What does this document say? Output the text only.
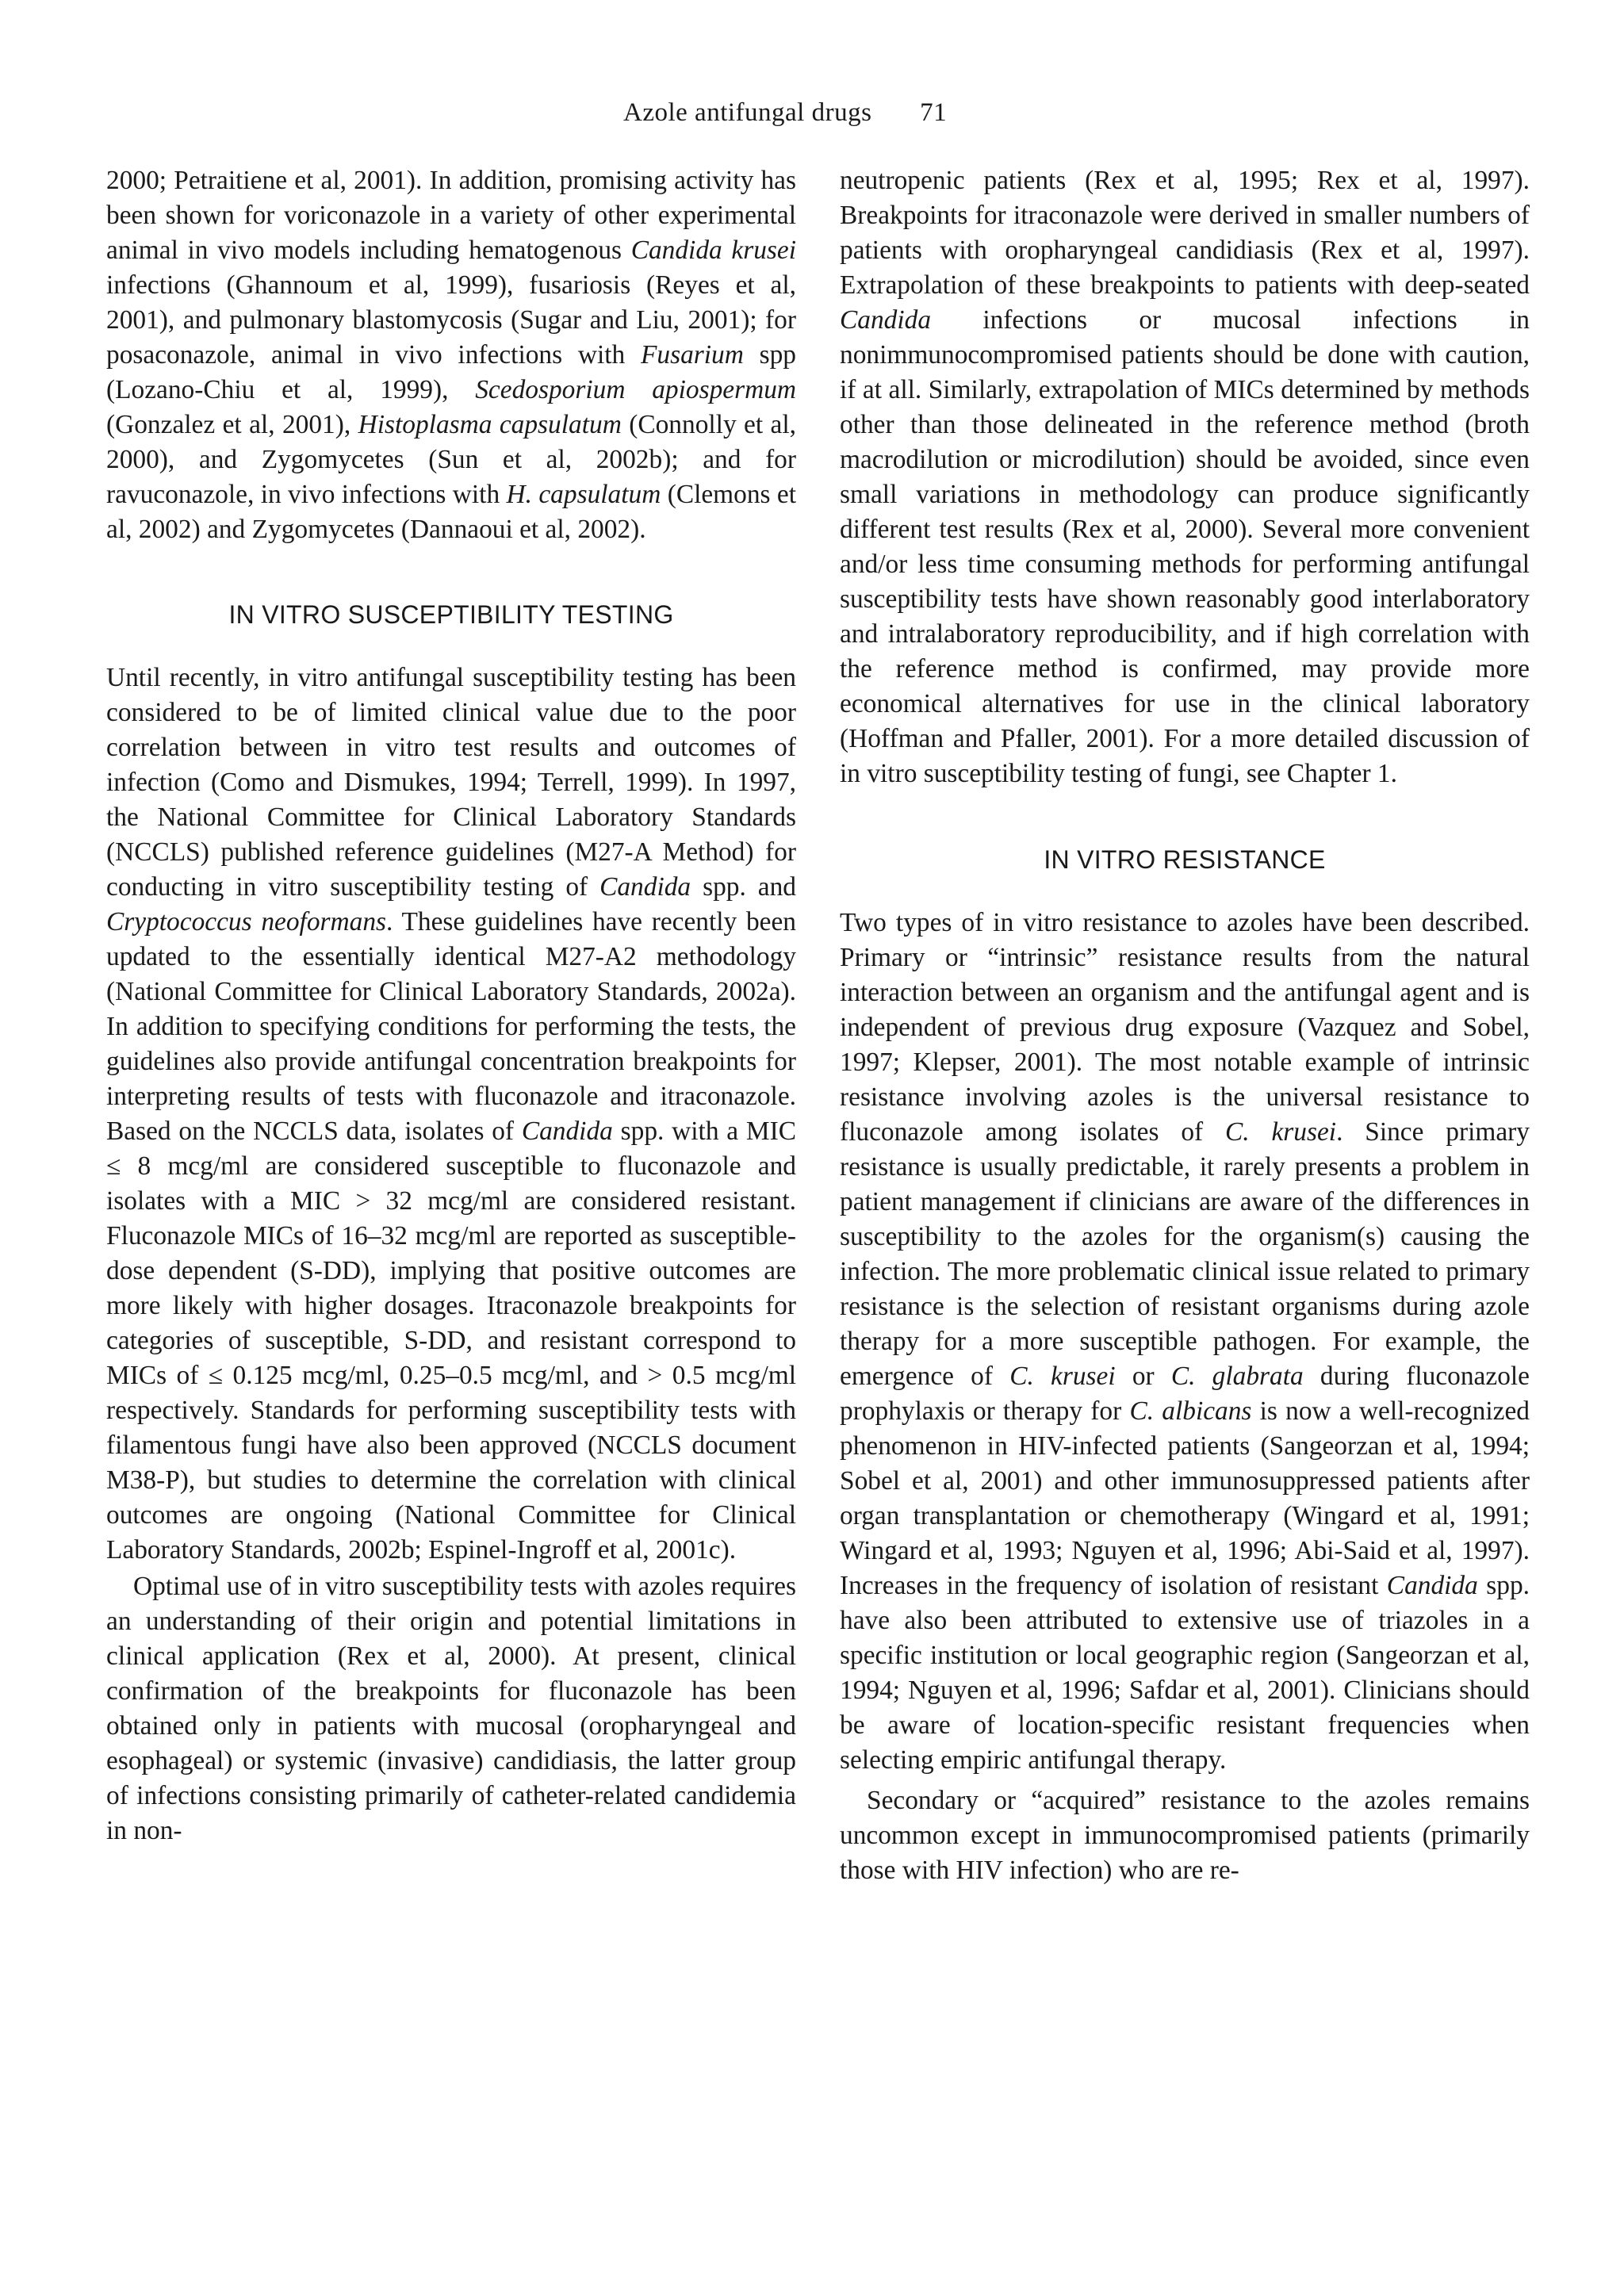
Azole antifungal drugs 71

2000; Petraitiene et al, 2001). In addition, promising activity has been shown for voriconazole in a variety of other experimental animal in vivo models including hematogenous Candida krusei infections (Ghannoum et al, 1999), fusariosis (Reyes et al, 2001), and pulmonary blastomycosis (Sugar and Liu, 2001); for posaconazole, animal in vivo infections with Fusarium spp (Lozano-Chiu et al, 1999), Scedosporium apiospermum (Gonzalez et al, 2001), Histoplasma capsulatum (Connolly et al, 2000), and Zygomycetes (Sun et al, 2002b); and for ravuconazole, in vivo infections with H. capsulatum (Clemons et al, 2002) and Zygomycetes (Dannaoui et al, 2002).

IN VITRO SUSCEPTIBILITY TESTING

Until recently, in vitro antifungal susceptibility testing has been considered to be of limited clinical value due to the poor correlation between in vitro test results and outcomes of infection (Como and Dismukes, 1994; Terrell, 1999). In 1997, the National Committee for Clinical Laboratory Standards (NCCLS) published reference guidelines (M27-A Method) for conducting in vitro susceptibility testing of Candida spp. and Cryptococcus neoformans. These guidelines have recently been updated to the essentially identical M27-A2 methodology (National Committee for Clinical Laboratory Standards, 2002a). In addition to specifying conditions for performing the tests, the guidelines also provide antifungal concentration breakpoints for interpreting results of tests with fluconazole and itraconazole. Based on the NCCLS data, isolates of Candida spp. with a MIC ≤ 8 mcg/ml are considered susceptible to fluconazole and isolates with a MIC > 32 mcg/ml are considered resistant. Fluconazole MICs of 16–32 mcg/ml are reported as susceptible-dose dependent (S-DD), implying that positive outcomes are more likely with higher dosages. Itraconazole breakpoints for categories of susceptible, S-DD, and resistant correspond to MICs of ≤ 0.125 mcg/ml, 0.25–0.5 mcg/ml, and > 0.5 mcg/ml respectively. Standards for performing susceptibility tests with filamentous fungi have also been approved (NCCLS document M38-P), but studies to determine the correlation with clinical outcomes are ongoing (National Committee for Clinical Laboratory Standards, 2002b; Espinel-Ingroff et al, 2001c).

Optimal use of in vitro susceptibility tests with azoles requires an understanding of their origin and potential limitations in clinical application (Rex et al, 2000). At present, clinical confirmation of the breakpoints for fluconazole has been obtained only in patients with mucosal (oropharyngeal and esophageal) or systemic (invasive) candidiasis, the latter group of infections consisting primarily of catheter-related candidemia in non-

neutropenic patients (Rex et al, 1995; Rex et al, 1997). Breakpoints for itraconazole were derived in smaller numbers of patients with oropharyngeal candidiasis (Rex et al, 1997). Extrapolation of these breakpoints to patients with deep-seated Candida infections or mucosal infections in nonimmunocompromised patients should be done with caution, if at all. Similarly, extrapolation of MICs determined by methods other than those delineated in the reference method (broth macrodilution or microdilution) should be avoided, since even small variations in methodology can produce significantly different test results (Rex et al, 2000). Several more convenient and/or less time consuming methods for performing antifungal susceptibility tests have shown reasonably good interlaboratory and intralaboratory reproducibility, and if high correlation with the reference method is confirmed, may provide more economical alternatives for use in the clinical laboratory (Hoffman and Pfaller, 2001). For a more detailed discussion of in vitro susceptibility testing of fungi, see Chapter 1.

IN VITRO RESISTANCE

Two types of in vitro resistance to azoles have been described. Primary or “intrinsic” resistance results from the natural interaction between an organism and the antifungal agent and is independent of previous drug exposure (Vazquez and Sobel, 1997; Klepser, 2001). The most notable example of intrinsic resistance involving azoles is the universal resistance to fluconazole among isolates of C. krusei. Since primary resistance is usually predictable, it rarely presents a problem in patient management if clinicians are aware of the differences in susceptibility to the azoles for the organism(s) causing the infection. The more problematic clinical issue related to primary resistance is the selection of resistant organisms during azole therapy for a more susceptible pathogen. For example, the emergence of C. krusei or C. glabrata during fluconazole prophylaxis or therapy for C. albicans is now a well-recognized phenomenon in HIV-infected patients (Sangeorzan et al, 1994; Sobel et al, 2001) and other immunosuppressed patients after organ transplantation or chemotherapy (Wingard et al, 1991; Wingard et al, 1993; Nguyen et al, 1996; Abi-Said et al, 1997). Increases in the frequency of isolation of resistant Candida spp. have also been attributed to extensive use of triazoles in a specific institution or local geographic region (Sangeorzan et al, 1994; Nguyen et al, 1996; Safdar et al, 2001). Clinicians should be aware of location-specific resistant frequencies when selecting empiric antifungal therapy.

Secondary or “acquired” resistance to the azoles remains uncommon except in immunocompromised patients (primarily those with HIV infection) who are re-
